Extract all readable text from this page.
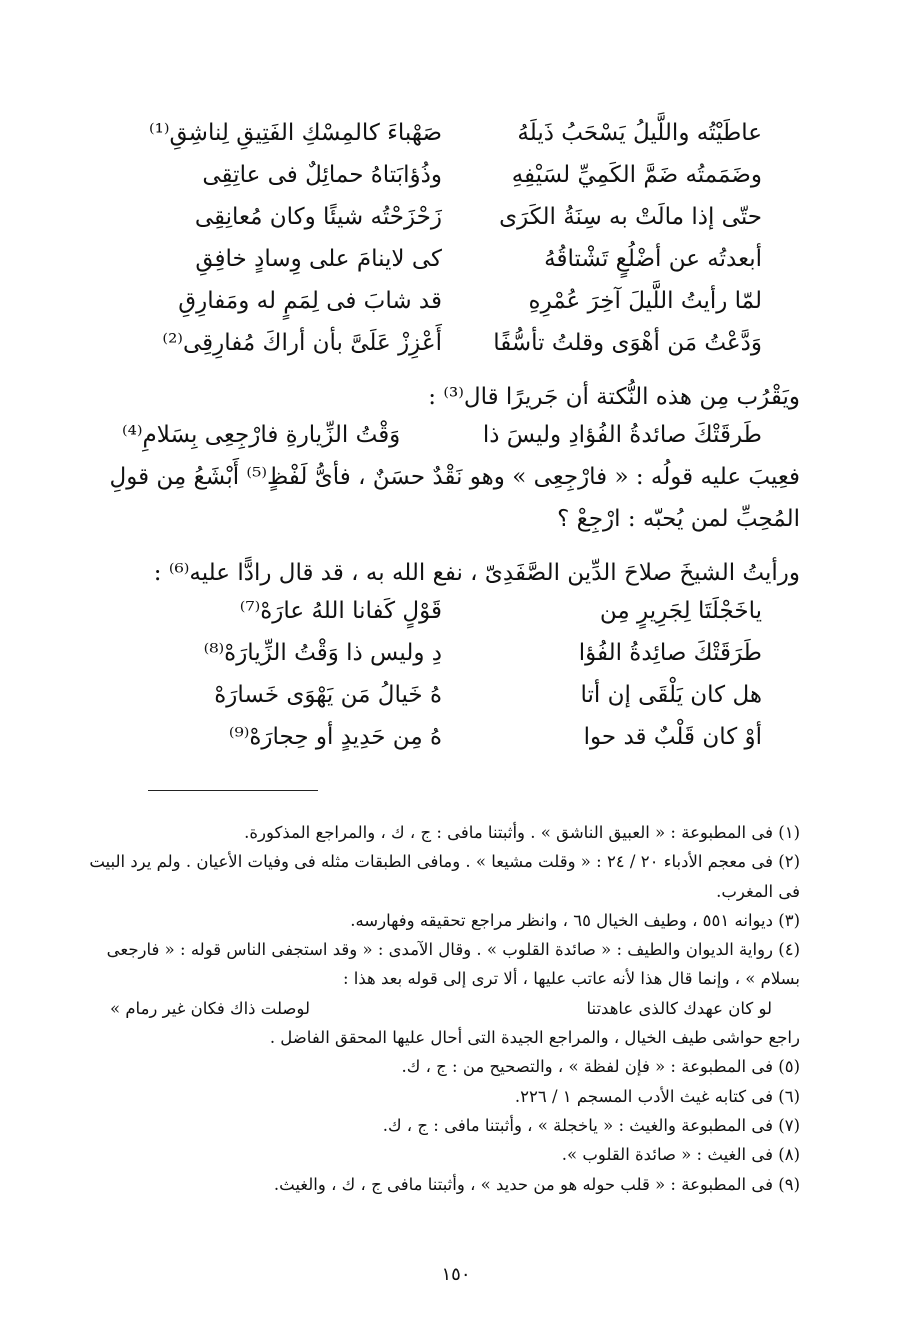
عاطَيْتُه واللَّيلُ يَسْحَبُ ذَيلَهُ
صَهْباءَ كالمِسْكِ الفَتِيقِ لِناشِقِ⁽¹⁾
وضَمَمتُه ضَمَّ الكَمِيِّ لسَيْفِهِ
وذُؤابَتاهُ حمائِلٌ فى عاتِقِى
حتّى إذا مالَتْ به سِنَةُ الكَرَى
زَحْزَحْتُه شيئًا وكان مُعانِقِى
أبعدتُه عن أضْلُعٍ تَشْتاقُهُ
كى لاينامَ على وِسادٍ خافِقِ
لمّا رأيتُ اللَّيلَ آخِرَ عُمْرِهِ
قد شابَ فى لِمَمٍ له ومَفارِقِ
وَدَّعْتُ مَن أهْوَى وقلتُ تأسُّفًا
أَعْزِزْ عَلَىَّ بأن أراكَ مُفارِقِى⁽²⁾
ويَقْرُب مِن هذه النُّكتة أن جَريرًا قال⁽³⁾ :
طَرقَتْكَ صائدةُ الفُؤادِ وليسَ ذا
وَقْتُ الزِّيارةِ فارْجِعِى بِسَلامِ⁽⁴⁾
فعِيبَ عليه قولُه : « فارْجِعِى » وهو نَقْدٌ حسَنٌ ، فأىُّ لَفْظٍ⁽⁵⁾ أَبْشَعُ مِن قولِ
المُحِبِّ لمن يُحبّه : ارْجِعْ ؟
ورأيتُ الشيخَ صلاحَ الدِّين الصَّفَدِىّ ، نفع الله به ، قد قال رادًّا عليه⁽⁶⁾ :
ياخَجْلَتَا لِجَرِيرٍ مِن
قَوْلٍ كَفانا اللهُ عارَهْ⁽⁷⁾
طَرَقَتْكَ صائِدةُ الفُؤا
دِ وليس ذا وَقْتُ الزِّيارَهْ⁽⁸⁾
هل كان يَلْقَى إن أتا
هُ خَيالُ مَن يَهْوَى خَسارَهْ
أوْ كان قَلْبٌ قد حوا
هُ مِن حَدِيدٍ أو حِجارَهْ⁽⁹⁾
(١) فى المطبوعة : « العبيق الناشق » . وأثبتنا مافى : ج ، ك ، والمراجع المذكورة.
(٢) فى معجم الأدباء ٢٠ / ٢٤ : « وقلت مشيعا » . ومافى الطبقات مثله فى وفيات الأعيان . ولم يرد البيت
فى المغرب.
(٣) ديوانه ٥٥١ ، وطيف الخيال ٦٥ ، وانظر مراجع تحقيقه وفهارسه.
(٤) رواية الديوان والطيف : « صائدة القلوب » . وقال الآمدى : « وقد استجفى الناس قوله : « فارجعى
بسلام » ، وإنما قال هذا لأنه عاتب عليها ، ألا ترى إلى قوله بعد هذا :
لو كان عهدك كالذى عاهدتنا
لوصلت ذاك فكان غير رمام »
راجع حواشى طيف الخيال ، والمراجع الجيدة التى أحال عليها المحقق الفاضل .
(٥) فى المطبوعة : « فإن لفظة » ، والتصحيح من : ج ، ك.
(٦) فى كتابه غيث الأدب المسجم ١ / ٢٢٦.
(٧) فى المطبوعة والغيث : « ياخجلة » ، وأثبتنا مافى : ج ، ك.
(٨) فى الغيث : « صائدة القلوب ».
(٩) فى المطبوعة : « قلب حوله هو من حديد » ، وأثبتنا مافى ج ، ك ، والغيث.
١٥٠
